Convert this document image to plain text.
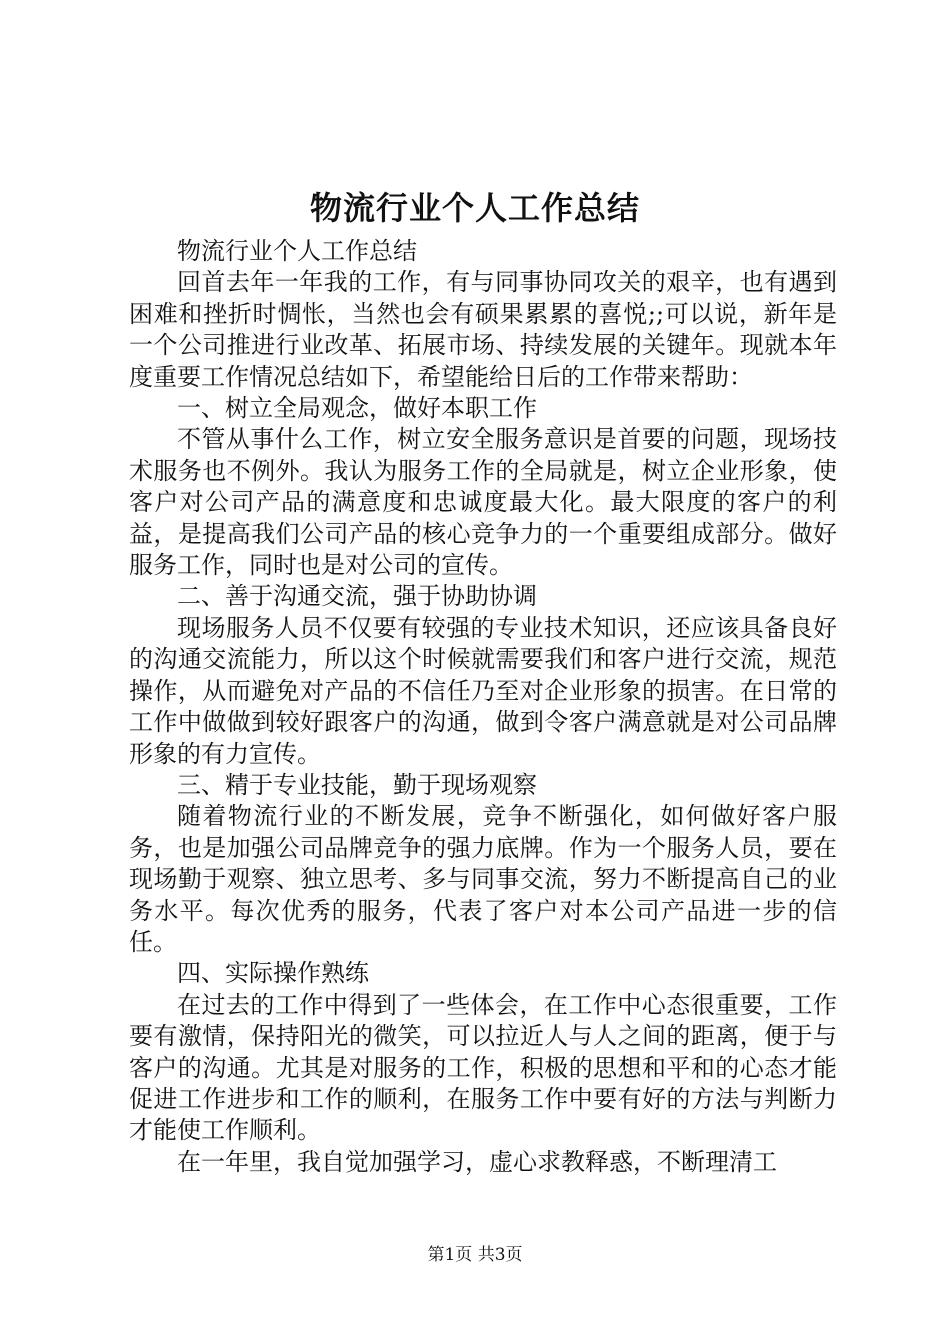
物流行业个人工作总结

物流行业个人工作总结

回首去年一年我的工作，有与同事协同攻关的艰辛，也有遇到困难和挫折时惆怅，当然也会有硕果累累的喜悦;;可以说，新年是一个公司推进行业改革、拓展市场、持续发展的关键年。现就本年度重要工作情况总结如下，希望能给日后的工作带来帮助：

一、树立全局观念，做好本职工作

不管从事什么工作，树立安全服务意识是首要的问题，现场技术服务也不例外。我认为服务工作的全局就是，树立企业形象，使客户对公司产品的满意度和忠诚度最大化。最大限度的客户的利益，是提高我们公司产品的核心竞争力的一个重要组成部分。做好服务工作，同时也是对公司的宣传。

二、善于沟通交流，强于协助协调

现场服务人员不仅要有较强的专业技术知识，还应该具备良好的沟通交流能力，所以这个时候就需要我们和客户进行交流，规范操作，从而避免对产品的不信任乃至对企业形象的损害。在日常的工作中做做到较好跟客户的沟通，做到令客户满意就是对公司品牌形象的有力宣传。

三、精于专业技能，勤于现场观察

随着物流行业的不断发展，竞争不断强化，如何做好客户服务，也是加强公司品牌竞争的强力底牌。作为一个服务人员，要在现场勤于观察、独立思考、多与同事交流，努力不断提高自己的业务水平。每次优秀的服务，代表了客户对本公司产品进一步的信任。

四、实际操作熟练

在过去的工作中得到了一些体会，在工作中心态很重要，工作要有激情，保持阳光的微笑，可以拉近人与人之间的距离，便于与客户的沟通。尤其是对服务的工作，积极的思想和平和的心态才能促进工作进步和工作的顺利，在服务工作中要有好的方法与判断力才能使工作顺利。

在一年里，我自觉加强学习，虚心求教释惑，不断理清工

第1页 共3页
